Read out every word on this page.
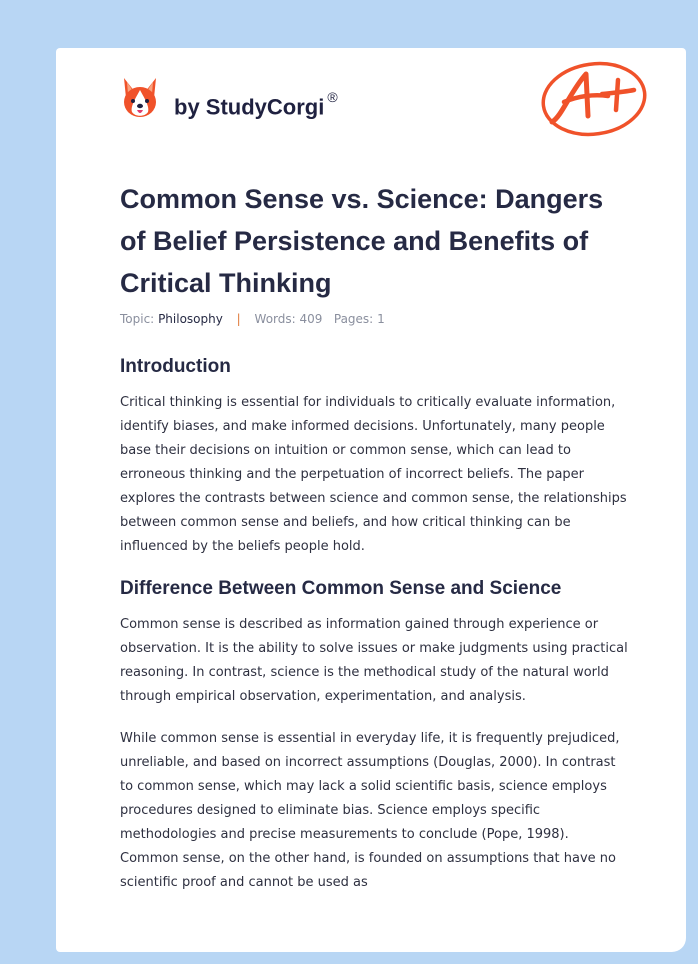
by StudyCorgi ®
Common Sense vs. Science: Dangers of Belief Persistence and Benefits of Critical Thinking
Topic: Philosophy | Words: 409 Pages: 1
Introduction

Critical thinking is essential for individuals to critically evaluate information, identify biases, and make informed decisions. Unfortunately, many people base their decisions on intuition or common sense, which can lead to erroneous thinking and the perpetuation of incorrect beliefs. The paper explores the contrasts between science and common sense, the relationships between common sense and beliefs, and how critical thinking can be influenced by the beliefs people hold.

Difference Between Common Sense and Science

Common sense is described as information gained through experience or observation. It is the ability to solve issues or make judgments using practical reasoning. In contrast, science is the methodical study of the natural world through empirical observation, experimentation, and analysis.

While common sense is essential in everyday life, it is frequently prejudiced, unreliable, and based on incorrect assumptions (Douglas, 2000). In contrast to common sense, which may lack a solid scientific basis, science employs procedures designed to eliminate bias. Science employs specific methodologies and precise measurements to conclude (Pope, 1998). Common sense, on the other hand, is founded on assumptions that have no scientific proof and cannot be used as
